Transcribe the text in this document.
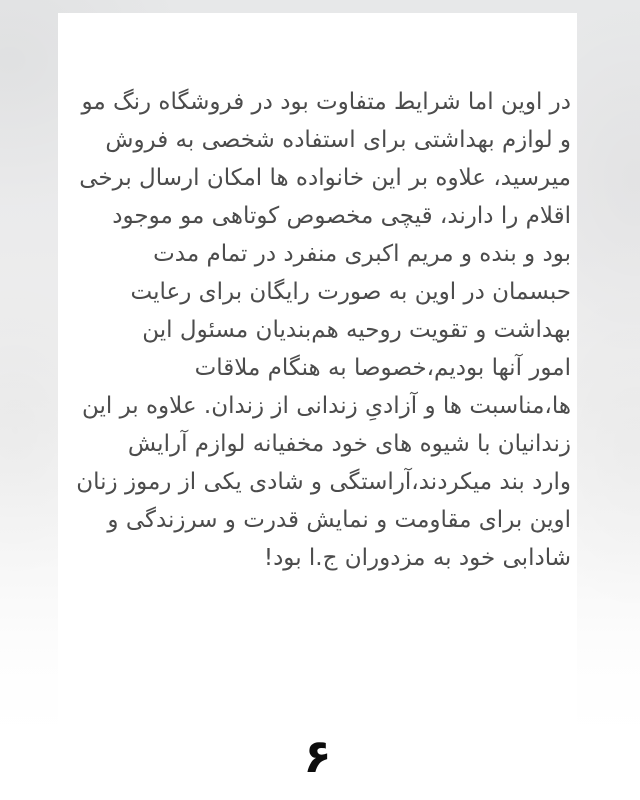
در اوین اما شرایط متفاوت بود در فروشگاه رنگ مو
و لوازم بهداشتی برای استفاده شخصی به فروش
میرسید، علاوه بر این خانواده ها امکان ارسال برخی
اقلام را دارند، قیچی مخصوص کوتاهی مو موجود
بود و بنده و مریم اکبری منفرد در تمام مدت
حبسمان در اوین به صورت رایگان برای رعایت
بهداشت و تقویت روحیه هم‌بندیان مسئول این
امور آنها بودیم،خصوصا به هنگام ملاقات
ها،مناسبت ها و آزادیِ زندانی از زندان. علاوه بر این
زندانیان با شیوه های خود مخفیانه لوازم آرایش
وارد بند میکردند،آراستگی و شادی یکی از رموز زنان
اوین برای مقاومت و نمایش قدرت و سرزندگی و
شادابی خود به مزدوران ج.ا بود!
۶
